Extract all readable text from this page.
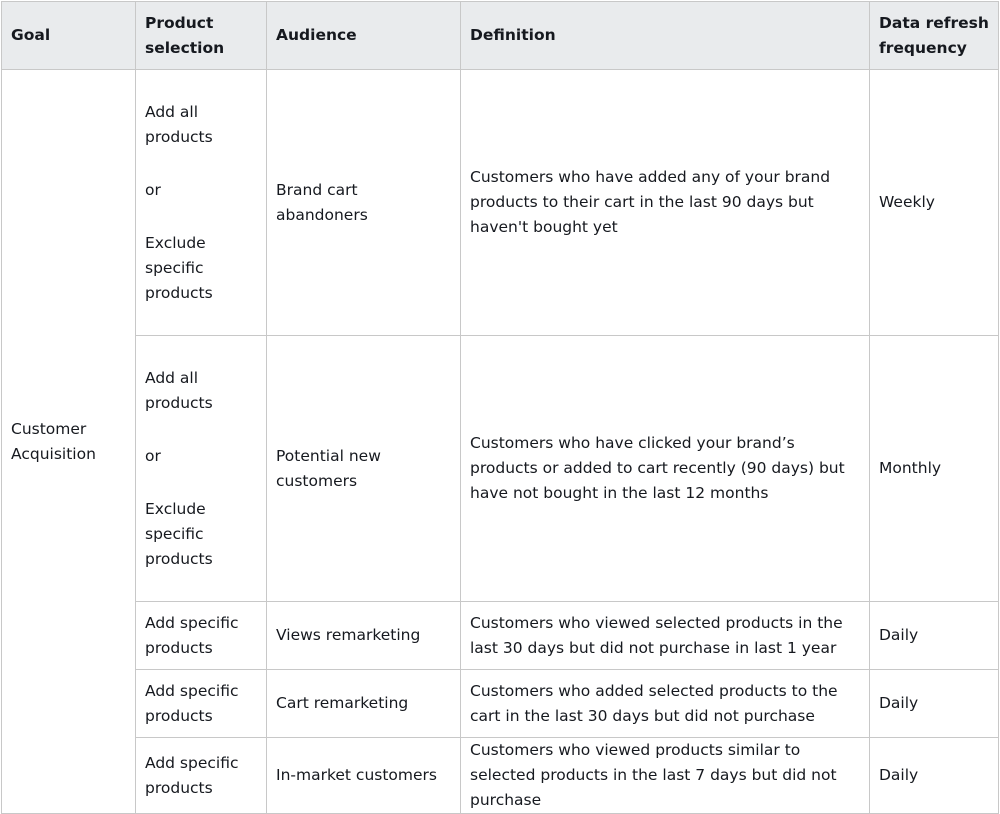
Goal	Product selection	Audience	Definition	Data refresh frequency
Customer Acquisition	Add all products
or
Exclude specific products	Brand cart abandoners	Customers who have added any of your brand products to their cart in the last 90 days but haven't bought yet	Weekly

	Add all products
or
Exclude specific products	Potential new customers	Customers who have clicked your brand’s products or added to cart recently (90 days) but have not bought in the last 12 months	Monthly
	Add specific products	Views remarketing	Customers who viewed selected products in the last 30 days but did not purchase in last 1 year	Daily
	Add specific products	Cart remarketing	Customers who added selected products to the cart in the last 30 days but did not purchase	Daily
	Add specific products	In-market customers	Customers who viewed products similar to selected products in the last 7 days but did not purchase	Daily
